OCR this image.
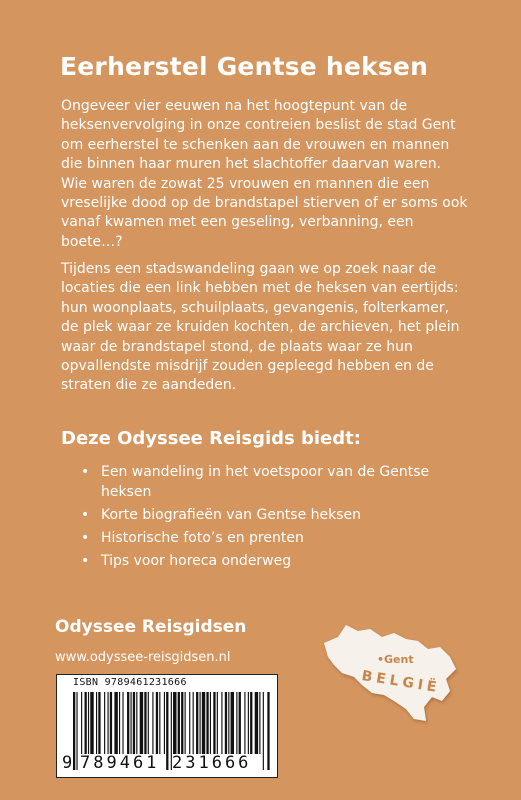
Eerherstel Gentse heksen

Ongeveer vier eeuwen na het hoogtepunt van de heksenvervolging in onze contreien beslist de stad Gent om eerherstel te schenken aan de vrouwen en mannen die binnen haar muren het slachtoffer daarvan waren. Wie waren de zowat 25 vrouwen en mannen die een vreselijke dood op de brandstapel stierven of er soms ook vanaf kwamen met een geseling, verbanning, een boete…?

Tijdens een stadswandeling gaan we op zoek naar de locaties die een link hebben met de heksen van eertijds: hun woonplaats, schuilplaats, gevangenis, folterkamer, de plek waar ze kruiden kochten, de archieven, het plein waar de brandstapel stond, de plaats waar ze hun opvallendste misdrijf zouden gepleegd hebben en de straten die ze aandeden.

Deze Odyssee Reisgids biedt:
• Een wandeling in het voetspoor van de Gentse heksen
• Korte biografieën van Gentse heksen
• Historische foto’s en prenten
• Tips voor horeca onderweg
Odyssee Reisgidsen
www.odyssee-reisgidsen.nl
ISBN 9789461231666
9 789461 231666
•Gent
BELGIË
